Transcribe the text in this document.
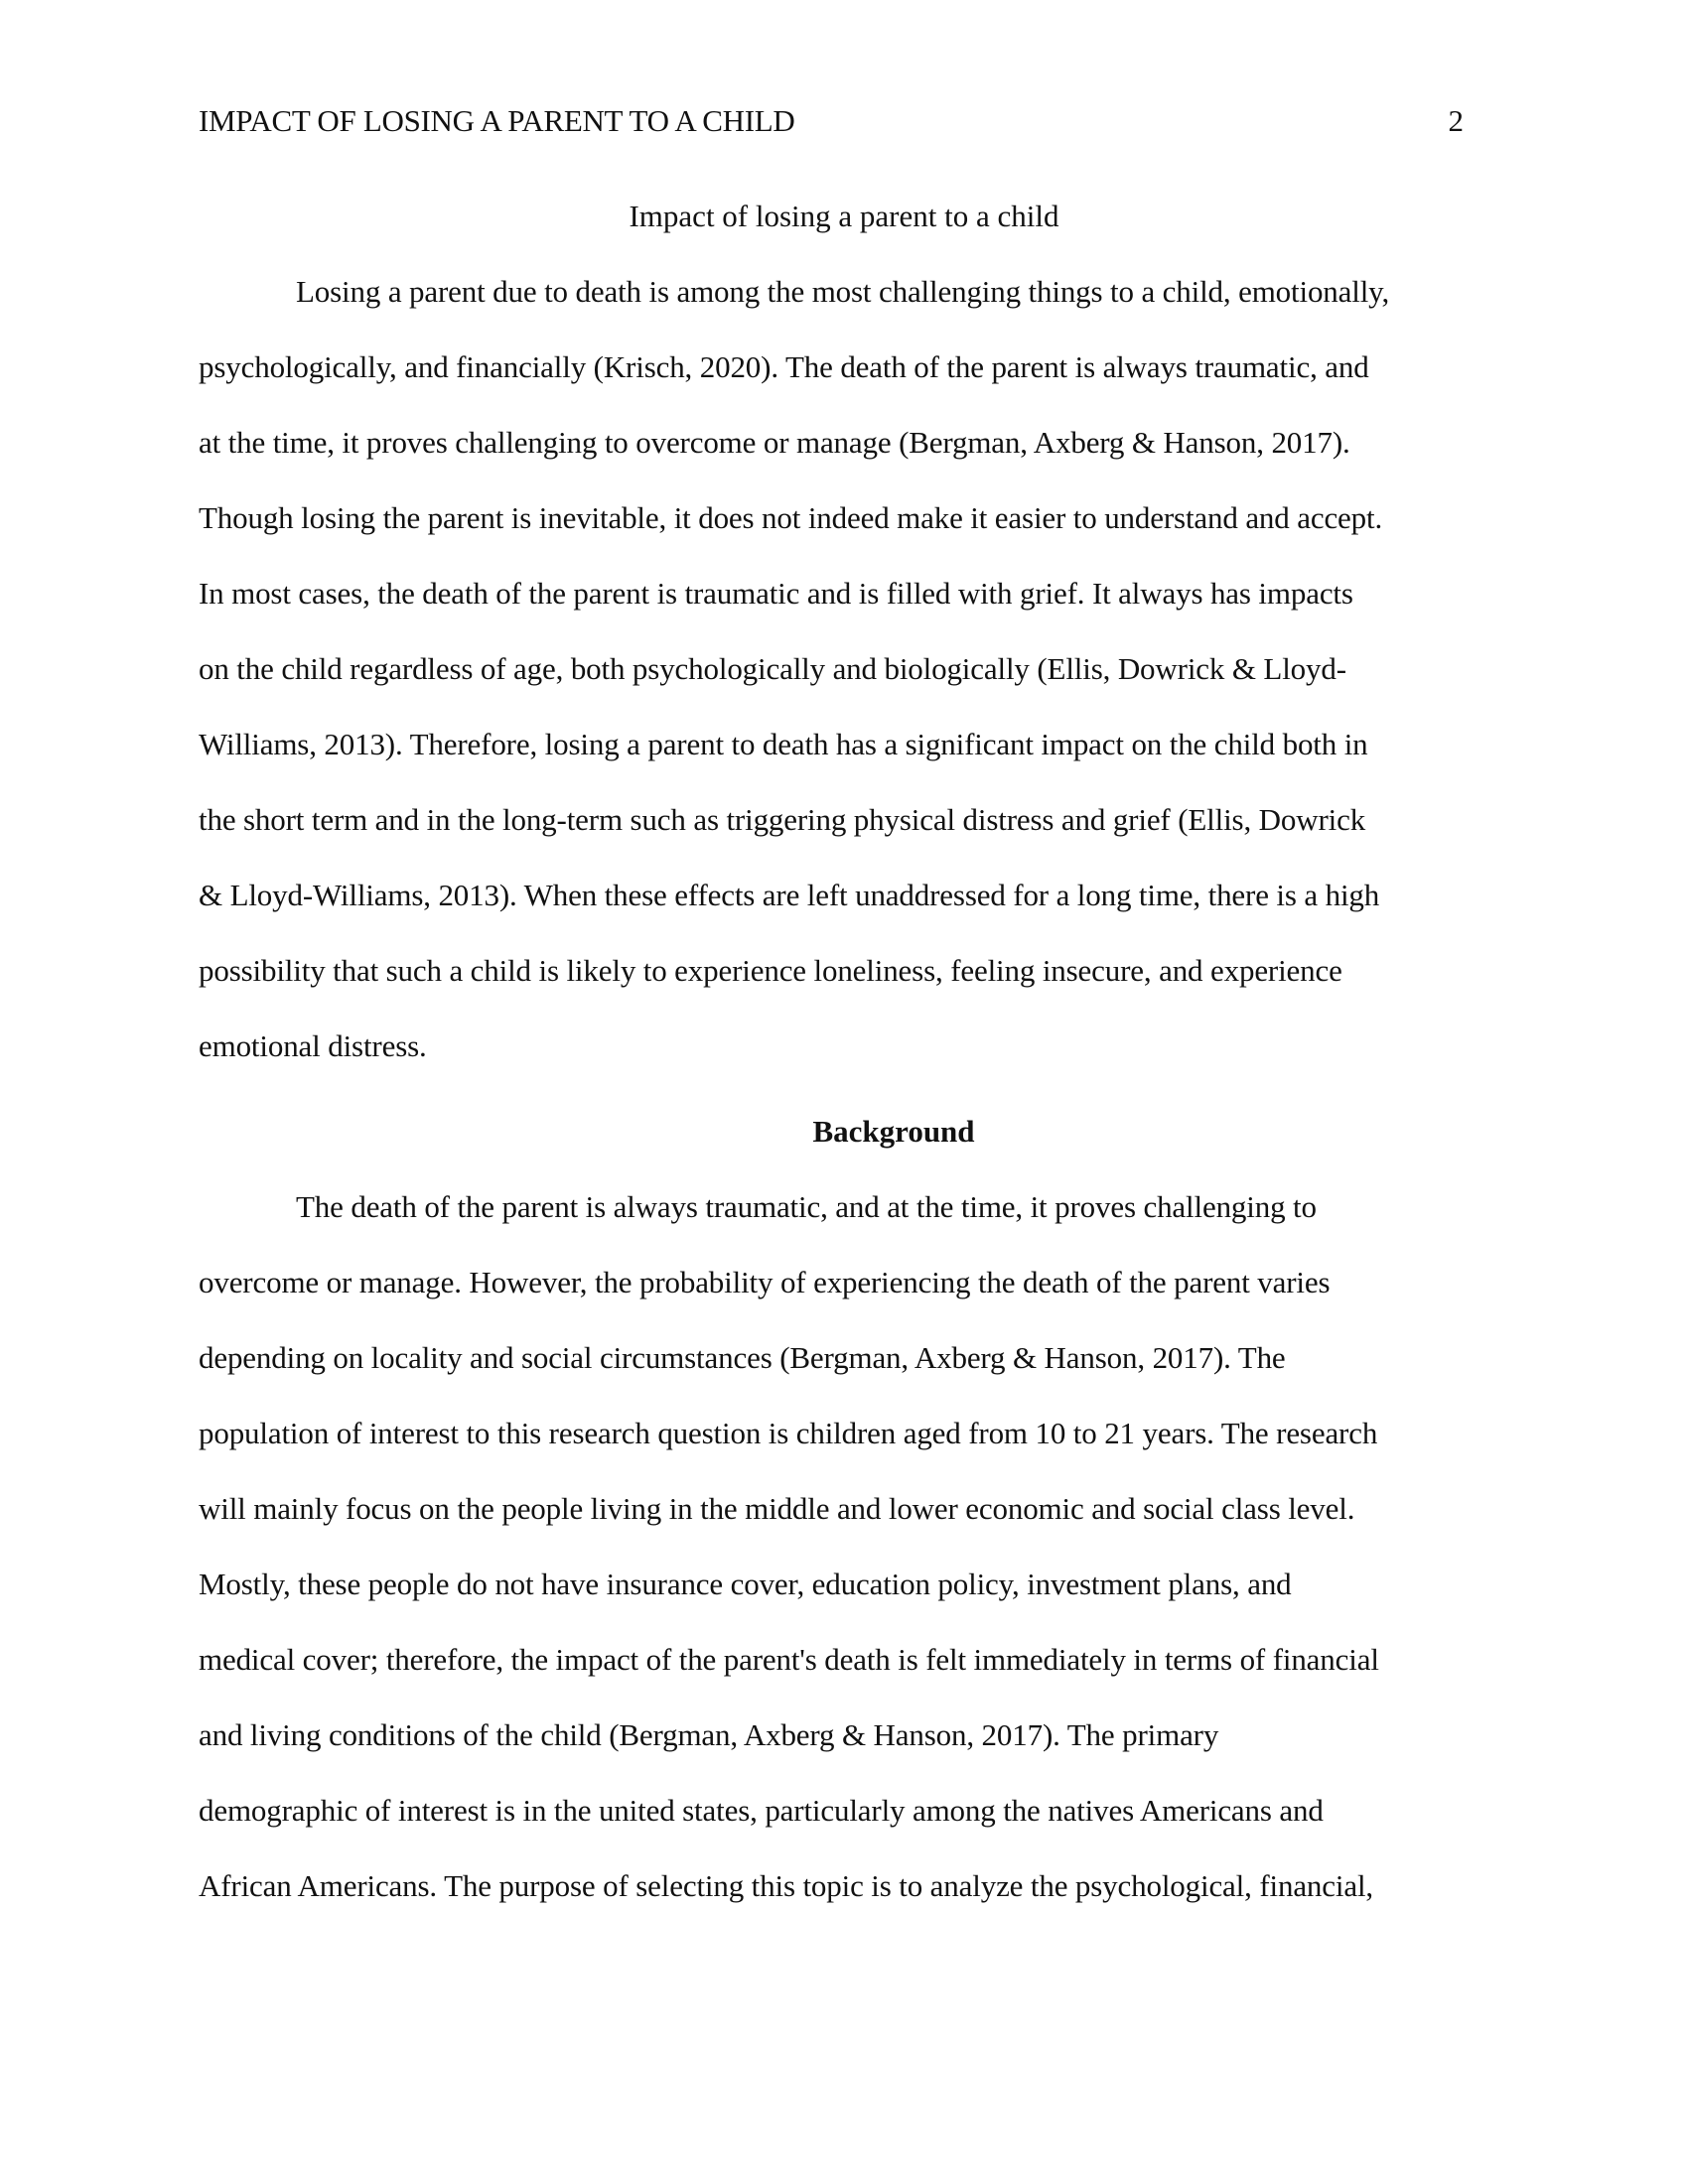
IMPACT OF LOSING A PARENT TO A CHILD	2
Impact of losing a parent to a child
Losing a parent due to death is among the most challenging things to a child, emotionally,
psychologically, and financially (Krisch, 2020). The death of the parent is always traumatic, and
at the time, it proves challenging to overcome or manage (Bergman, Axberg & Hanson, 2017).
Though losing the parent is inevitable, it does not indeed make it easier to understand and accept.
In most cases, the death of the parent is traumatic and is filled with grief. It always has impacts
on the child regardless of age, both psychologically and biologically (Ellis, Dowrick & Lloyd-
Williams, 2013). Therefore, losing a parent to death has a significant impact on the child both in
the short term and in the long-term such as triggering physical distress and grief (Ellis, Dowrick
& Lloyd-Williams, 2013). When these effects are left unaddressed for a long time, there is a high
possibility that such a child is likely to experience loneliness, feeling insecure, and experience
emotional distress.
Background
The death of the parent is always traumatic, and at the time, it proves challenging to
overcome or manage. However, the probability of experiencing the death of the parent varies
depending on locality and social circumstances (Bergman, Axberg & Hanson, 2017). The
population of interest to this research question is children aged from 10 to 21 years. The research
will mainly focus on the people living in the middle and lower economic and social class level.
Mostly, these people do not have insurance cover, education policy, investment plans, and
medical cover; therefore, the impact of the parent's death is felt immediately in terms of financial
and living conditions of the child (Bergman, Axberg & Hanson, 2017). The primary
demographic of interest is in the united states, particularly among the natives Americans and
African Americans. The purpose of selecting this topic is to analyze the psychological, financial,
